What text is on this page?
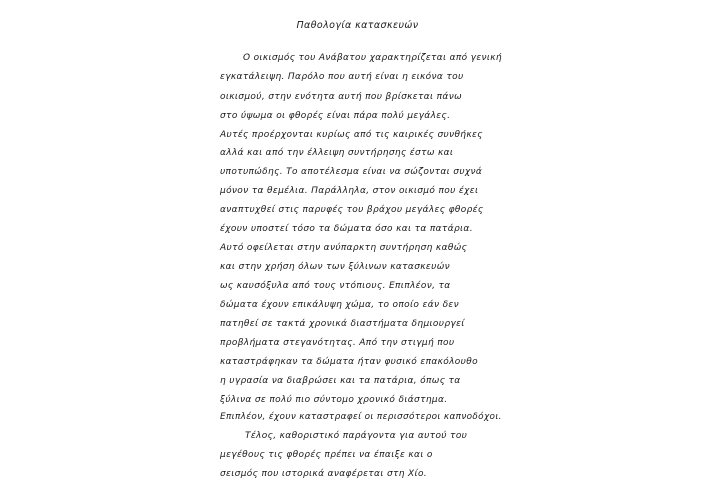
Παθολογία κατασκευών
Ο οικισμός του Ανάβατου χαρακτηρίζεται από γενική
εγκατάλειψη. Παρόλο που αυτή είναι η εικόνα του
οικισμού, στην ενότητα αυτή που βρίσκεται πάνω
στο ύψωμα οι φθορές είναι πάρα πολύ μεγάλες.
Αυτές προέρχονται κυρίως από τις καιρικές συνθήκες
αλλά και από την έλλειψη συντήρησης έστω και
υποτυπώδης. Το αποτέλεσμα είναι να σώζονται συχνά
μόνον τα θεμέλια. Παράλληλα, στον οικισμό που έχει
αναπτυχθεί στις παρυφές του βράχου μεγάλες φθορές
έχουν υποστεί τόσο τα δώματα όσο και τα πατάρια.
Αυτό οφείλεται στην ανύπαρκτη συντήρηση καθώς
και στην χρήση όλων των ξύλινων κατασκευών
ως καυσόξυλα από τους ντόπιους. Επιπλέον, τα
δώματα έχουν επικάλυψη χώμα, το οποίο εάν δεν
πατηθεί σε τακτά χρονικά διαστήματα δημιουργεί
προβλήματα στεγανότητας. Από την στιγμή που
καταστράφηκαν τα δώματα ήταν φυσικό επακόλουθο
η υγρασία να διαβρώσει και τα πατάρια, όπως τα
ξύλινα σε πολύ πιο σύντομο χρονικό διάστημα.
Επιπλέον, έχουν καταστραφεί οι περισσότεροι καπνοδόχοι.
Τέλος, καθοριστικό παράγοντα για αυτού του
μεγέθους τις φθορές πρέπει να έπαιξε και ο
σεισμός που ιστορικά αναφέρεται στη Χίο.
